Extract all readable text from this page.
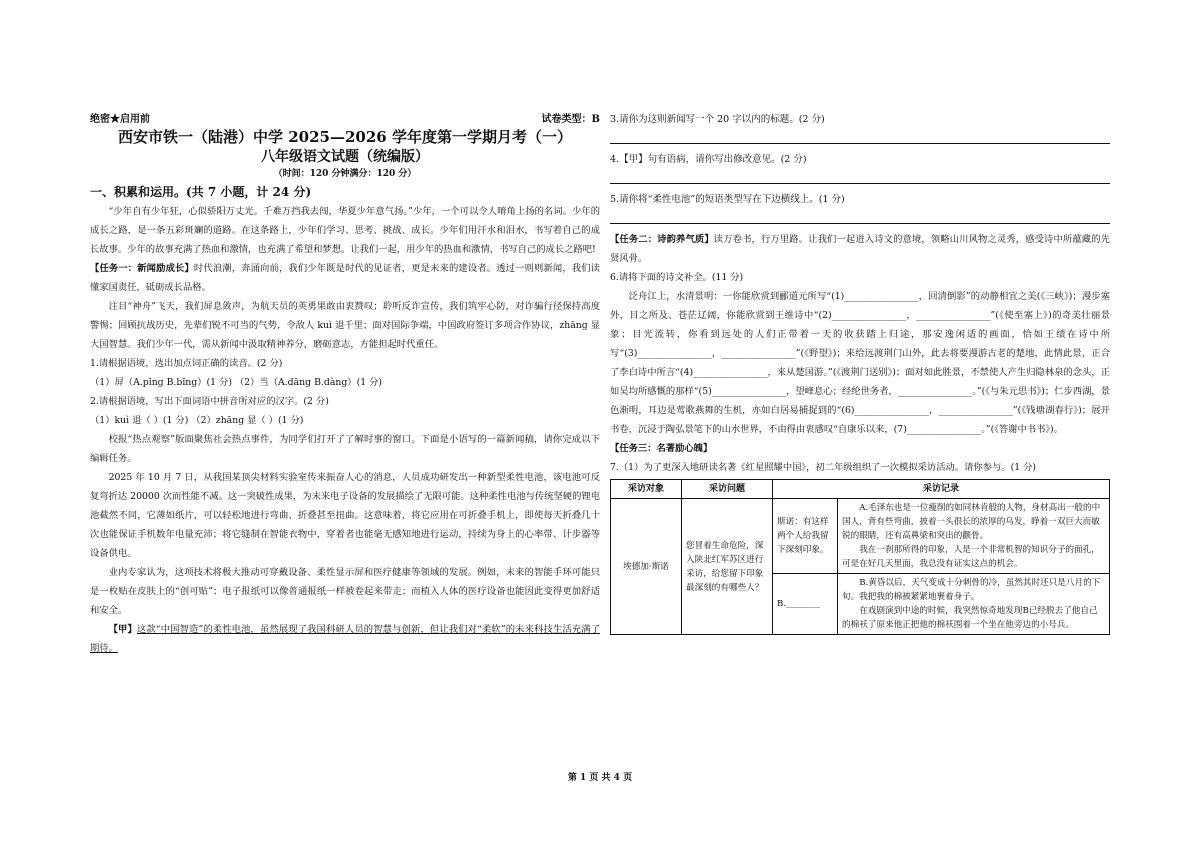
绝密★启用前	试卷类型：B
西安市铁一（陆港）中学 2025—2026 学年度第一学期月考（一）
八年级语文试题（统编版）
（时间：120 分钟满分：120 分）
一、积累和运用。(共 7 小题，计 24 分)

“少年自有少年狂，心似骄阳万丈光。千难万挡我去闯，华夏少年意气扬。”少年，一个可以令人唷角上扬的名词。少年的成长之路，是一条五彩斑斓的道路。在这条路上，少年们学习、思考、挑战、成长。少年们用汗水和泪水，书写着自己的成长故事。少年的故事充满了热血和激情，也充满了希望和梦想。让我们一起，用少年的热血和激情，书写自己的成长之路吧!

【任务一：新闻励成长】时代浪潮，奔涌向前，我们少年既是时代的见证者，更是未来的建设者。透过一则则新闻，我们读懂家国责任，砥砺成长品格。

注目“神舟”飞天，我们屏息敛声，为航天员的英勇果敢由衷赞叹；聆听反诈宣传，我们筑牢心防，对诈骗行径保持高度警惕；回顾抗战历史，先辈们锐不可当的气势，令敌人 kuì 退千里；面对国际争端，中国政府签订多项合作协议，zhāng 显大国智慧。我们少年一代，需从新闻中汲取精神养分，磨砺意志，方能担起时代重任。

1.请根据语境，选出加点词正确的读音。(2 分)

（1）屏（A.pīng B.bǐng）(1 分) （2）当（A.dāng B.dàng）(1 分)

2.请根据语境，写出下面词语中拼音所对应的汉字。(2 分)

（1）kuì 退（ ）(1 分) （2）zhāng 显（ ）(1 分)

校报“热点观察”版面聚焦社会热点事件，为同学们打开了了解时事的窗口。下面是小语写的一篇新闻稿，请你完成以下编辑任务。

2025 年 10 月 7 日，从我国某顶尖材料实验室传来振奋人心的消息，人员成功研发出一种新型柔性电池，该电池可反复弯折达 20000 次而性能不减。这一突破性成果，为未来电子设备的发展描绘了无限可能。这种柔性电池与传统坚硬的锂电池截然不同，它薄如纸片，可以轻松地进行弯曲、折叠甚至扭曲。这意味着，将它应用在可折叠手机上，即使每天折叠几十次也能保证手机数年电量充沛；将它缝制在智能衣物中，穿着者也能毫无感知地进行运动，持续为身上的心率带、计步器等设备供电。

业内专家认为，这项技术将极大推动可穿戴设备、柔性显示屏和医疗健康等领域的发展。例如，未来的智能手环可能只是一枚贴在皮肤上的“创可贴”；电子报纸可以像普通报纸一样被卷起来带走；而植入人体的医疗设备也能因此变得更加舒适和安全。

【甲】这款“中国智造”的柔性电池，虽然展现了我国科研人员的智慧与创新，但让我们对“柔软”的未来科技生活充满了期待。

3.请你为这则新闻写一个 20 字以内的标题。(2 分)
4.【甲】句有语病，请你写出修改意见。(2 分)
5.请你将“柔性电池”的短语类型写在下边横线上。(1 分)

【任务二：诗韵养气质】读万卷书，行万里路。让我们一起进入诗文的意境，领略山川风物之灵秀，感受诗中所蕴藏的先贤风骨。

6.请将下面的诗文补全。(11 分)

泛舟江上，水清景明：一你能欣赏到郦道元所写“(1)________________，回清倒影”的动静相宜之美(《三峡》)；漫步塞外，目之所及、苍茫辽阔，你能欣赏到王维诗中“(2)________________，________________”(《使至塞上》)的奇美壮丽景象；目光流转，你看到远处的人们正带着一天的收获踏上归途，那安逸闲适的画面，恰如王绩在诗中所写“(3)________________，________________”(《野望》)；来给远渡荆门山外，此去将要漫游古老的楚地，此情此景，正合了李白诗中所言“(4)________________，来从楚国游。”(《渡荆门送别》)；面对如此胜景，不禁使人产生归隐林泉的念头，正如吴均所感慨的那样“(5)________________，望峰息心；经纶世务者，________________。”(《与朱元思书》)；仁步西湖，景色渐明，耳边是莺歌燕舞的生机，亦如白居易捕捉到的“(6)________________，________________”(《钱塘湖春行》)；展开书卷，沉浸于陶弘景笔下的山水世界，不由得由衷感叹“自康乐以来，(7)________________。”(《答谢中书书》)。

【任务三：名著励心魄】

7.（1）为了更深入地研读名著《红星照耀中国》，初二年级组织了一次模拟采访活动。请你参与。(1 分)

采访对象	采访问题	采访记录	
埃德加·斯诺	您冒着生命危险，深入陕北红军苏区进行采访，给您留下印象最深刻的有哪些人？	斯诺：有这样两个人给我留下深刻印象。	A.毛泽东也是一位瘦削的如同林肯般的人物，身材高出一般的中国人，背有些弯曲，披着一头很长的浓厚的乌发，睁着一双巨大而敏锐的眼睛，还有高鼻梁和突出的颧骨。
我在一刹那所得的印象，人是一个非常机智的知识分子的面孔，可是在好几天里面，我总没有证实这点的机会。

		B.________	B.黄昏以后，天气变成十分刺骨的冷，虽然其时还只是八月的下旬。我把我的棉被紧紧地裹着身子。
在戏剧演到中途的时候，我突然惊奇地发现B已经脱去了他自己的棉袄了原来他正把他的棉袄围着一个坐在他旁边的小号兵。
第 1 页 共 4 页
